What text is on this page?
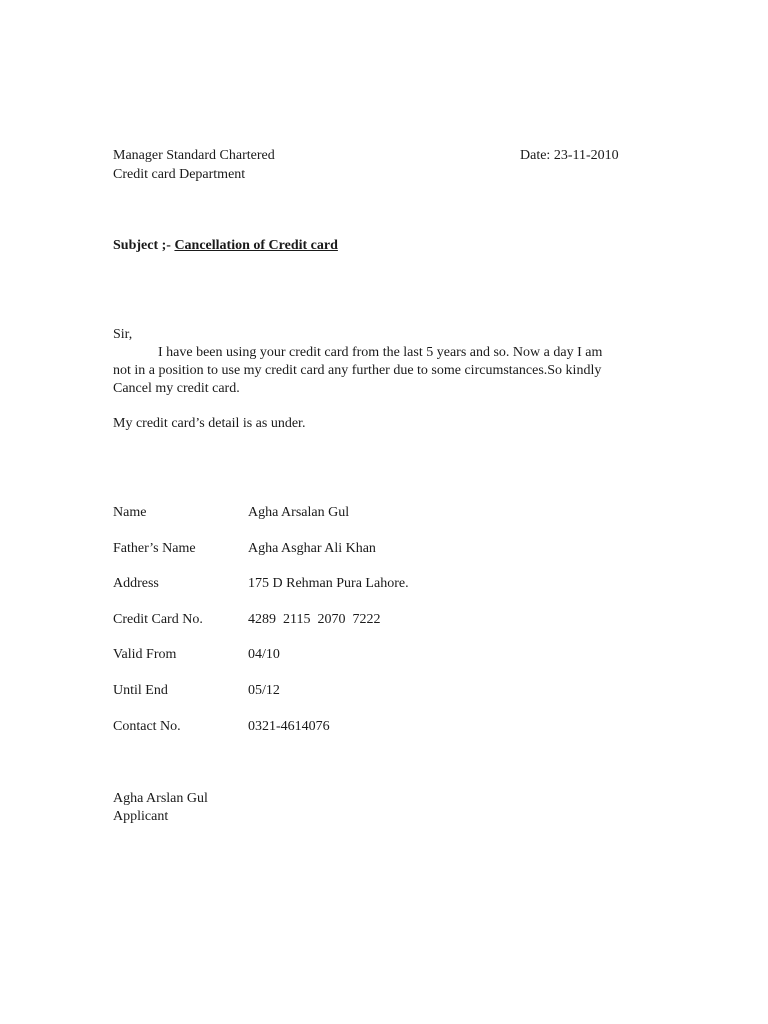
Manager Standard Chartered
Credit card Department
Date: 23-11-2010
Subject ;- Cancellation of Credit card
Sir,
I have been using your credit card from the last 5 years and so. Now a day I am
not in a position to use my credit card any further due to some circumstances.So kindly
Cancel my credit card.
My credit card’s detail is as under.
Name	Agha Arsalan Gul
Father’s Name	Agha Asghar Ali Khan
Address	175 D Rehman Pura Lahore.
Credit Card No.	4289  2115  2070  7222
Valid From	04/10
Until End	05/12
Contact No.	0321-4614076
Agha Arslan Gul
Applicant
